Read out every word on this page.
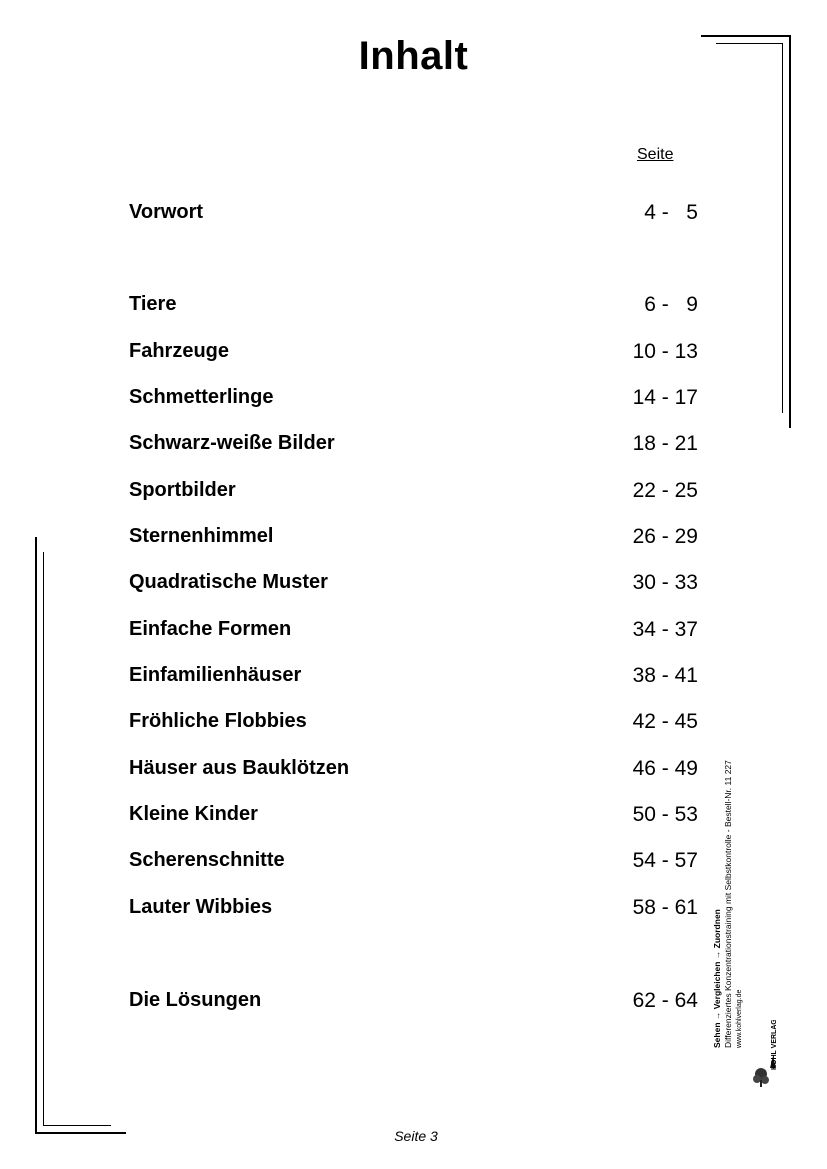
Inhalt
Seite
Vorwort	4 -   5
Tiere	6 -   9
Fahrzeuge	10 - 13
Schmetterlinge	14 - 17
Schwarz-weiße Bilder	18 - 21
Sportbilder	22 - 25
Sternenhimmel	26 - 29
Quadratische Muster	30 - 33
Einfache Formen	34 - 37
Einfamilienhäuser	38 - 41
Fröhliche Flobbies	42 - 45
Häuser aus Bauklötzen	46 - 49
Kleine Kinder	50 - 53
Scherenschnitte	54 - 57
Lauter Wibbies	58 - 61
Die Lösungen	62 - 64 Sehen → Vergleichen → Zuordnen Differenziertes Konzentrationstraining mit Selbstkontrolle - Bestell-Nr. 11 227 www.kohlverlag.de	KOHL VERLAG
Seite 3
